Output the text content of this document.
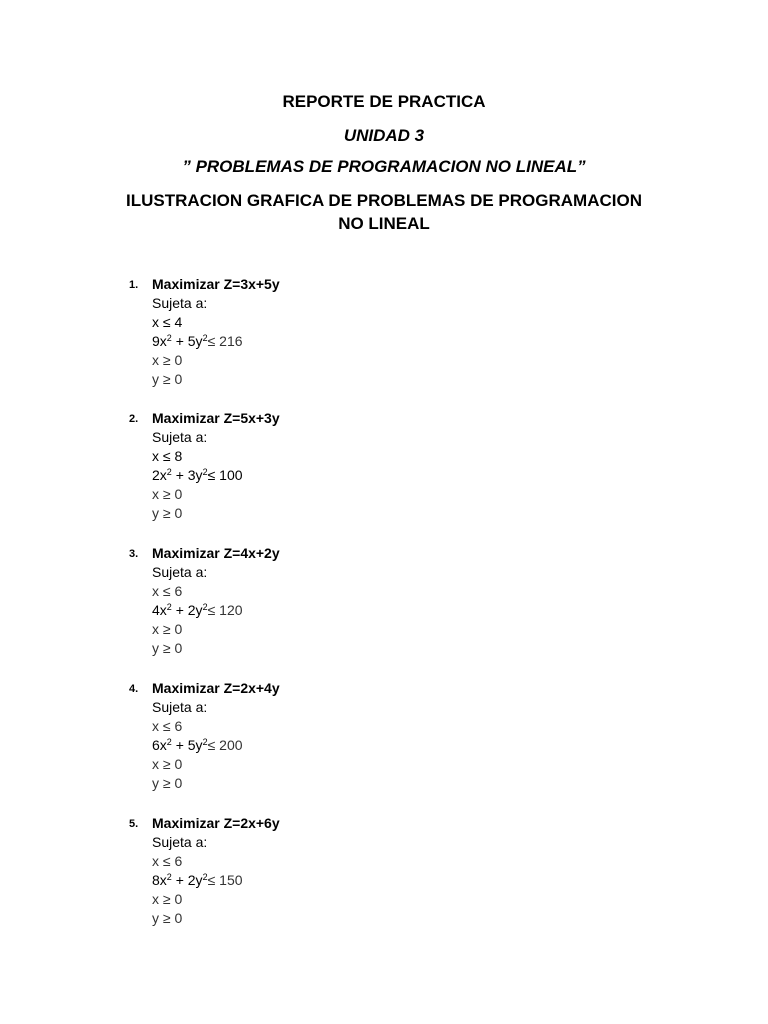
REPORTE DE PRACTICA
UNIDAD 3
” PROBLEMAS DE PROGRAMACION NO LINEAL”
ILUSTRACION GRAFICA DE PROBLEMAS DE PROGRAMACION
NO LINEAL
1. Maximizar Z=3x+5y
Sujeta a:
x ≤ 4
$9x^2 + 5y^2\le 216$
x ≥ 0
y ≥ 0
2. Maximizar Z=5x+3y
Sujeta a:
x ≤ 8
$2x^2 + 3y^2\le 100$
x ≥ 0
y ≥ 0
3. Maximizar Z=4x+2y
Sujeta a:
x ≤ 6
$4x^2 + 2y^2\le 120$
x ≥ 0
y ≥ 0
4. Maximizar Z=2x+4y
Sujeta a:
x ≤ 6
$6x^2 + 5y^2\le 200$
x ≥ 0
y ≥ 0
5. Maximizar Z=2x+6y
Sujeta a:
x ≤ 6
$8x^2 + 2y^2\le 150$
x ≥ 0
y ≥ 0
